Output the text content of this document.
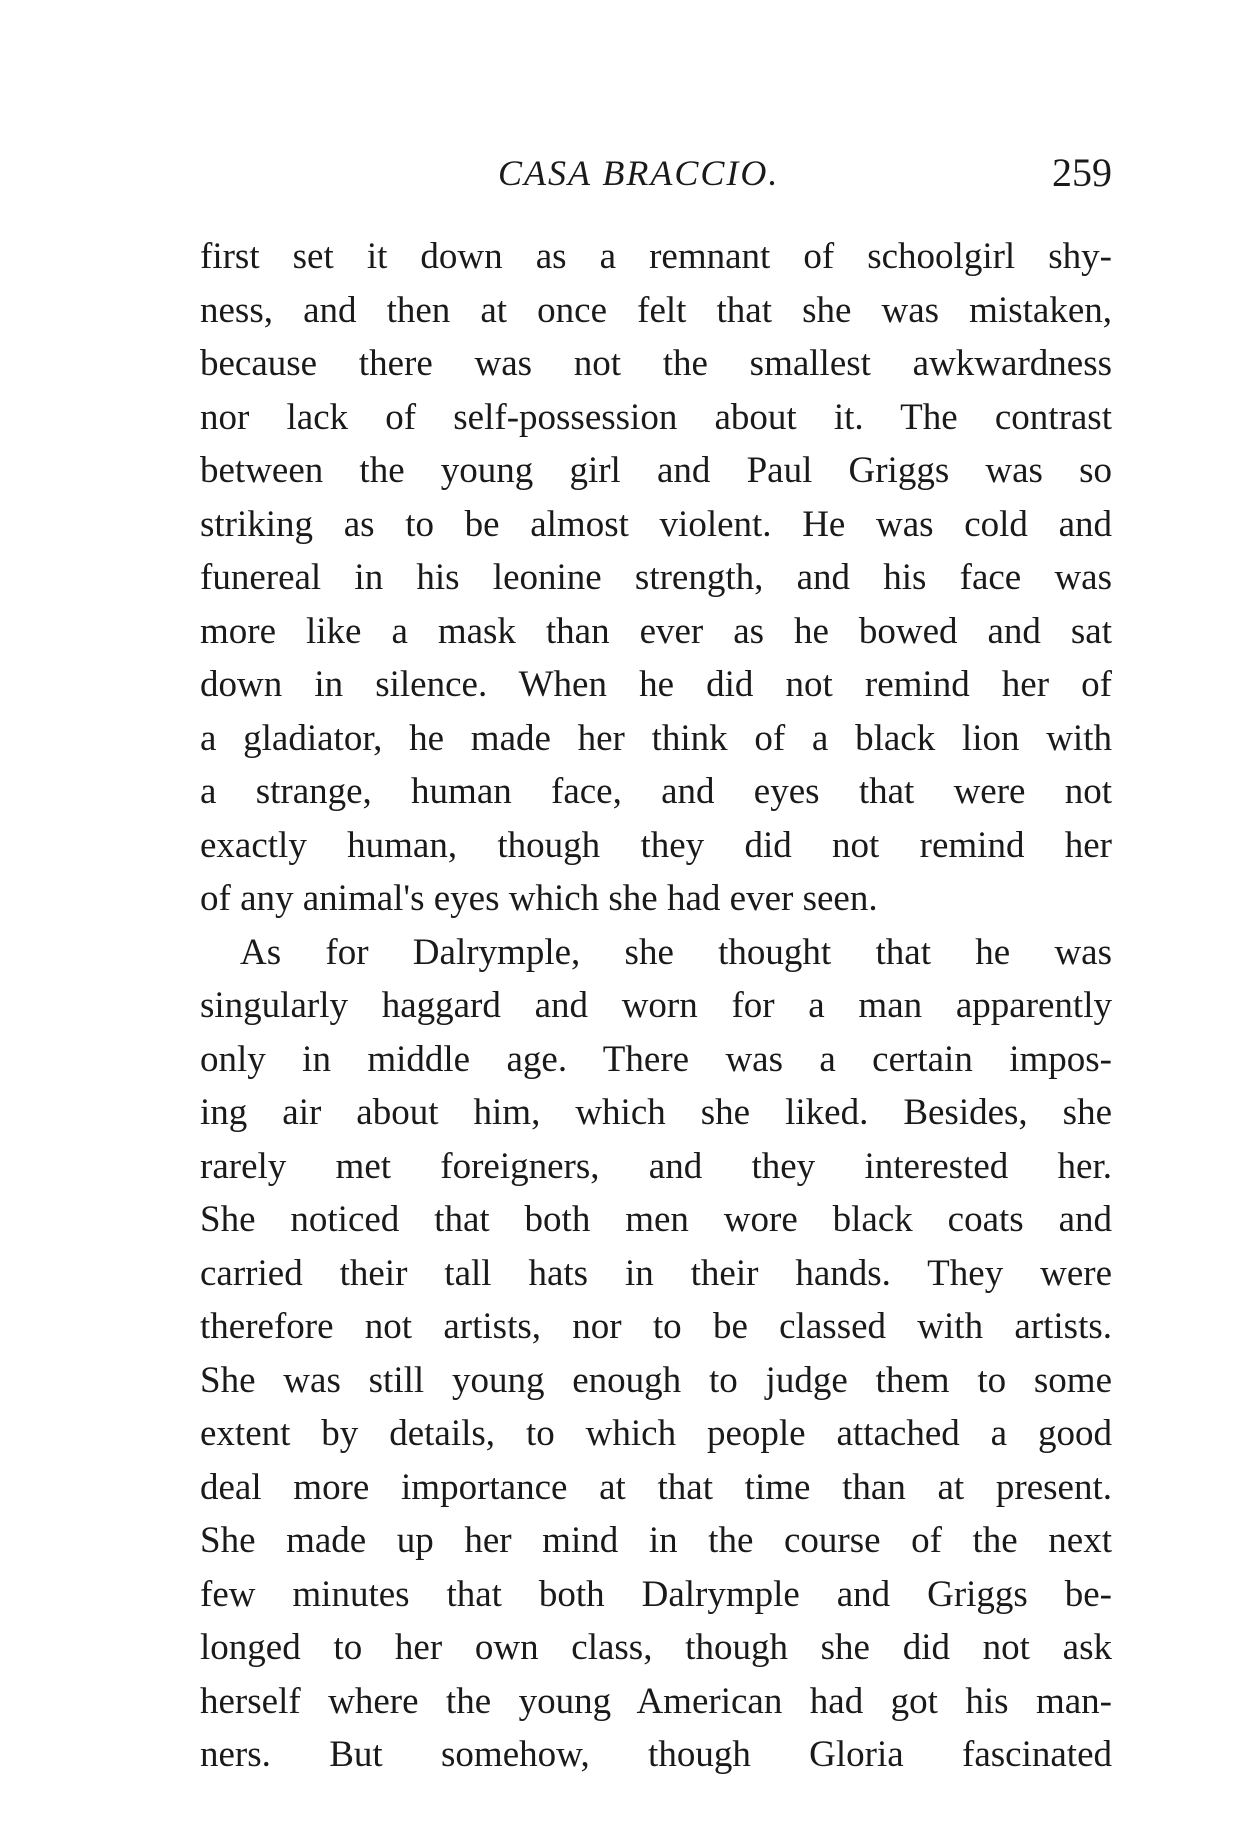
CASA BRACCIO.	259
first set it down as a remnant of schoolgirl shy-
ness, and then at once felt that she was mistaken,
because there was not the smallest awkwardness
nor lack of self-possession about it. The contrast
between the young girl and Paul Griggs was so
striking as to be almost violent. He was cold and
funereal in his leonine strength, and his face was
more like a mask than ever as he bowed and sat
down in silence. When he did not remind her of
a gladiator, he made her think of a black lion with
a strange, human face, and eyes that were not
exactly human, though they did not remind her
of any animal's eyes which she had ever seen.
As for Dalrymple, she thought that he was
singularly haggard and worn for a man apparently
only in middle age. There was a certain impos-
ing air about him, which she liked. Besides, she
rarely met foreigners, and they interested her.
She noticed that both men wore black coats and
carried their tall hats in their hands. They were
therefore not artists, nor to be classed with artists.
She was still young enough to judge them to some
extent by details, to which people attached a good
deal more importance at that time than at present.
She made up her mind in the course of the next
few minutes that both Dalrymple and Griggs be-
longed to her own class, though she did not ask
herself where the young American had got his man-
ners. But somehow, though Gloria fascinated
